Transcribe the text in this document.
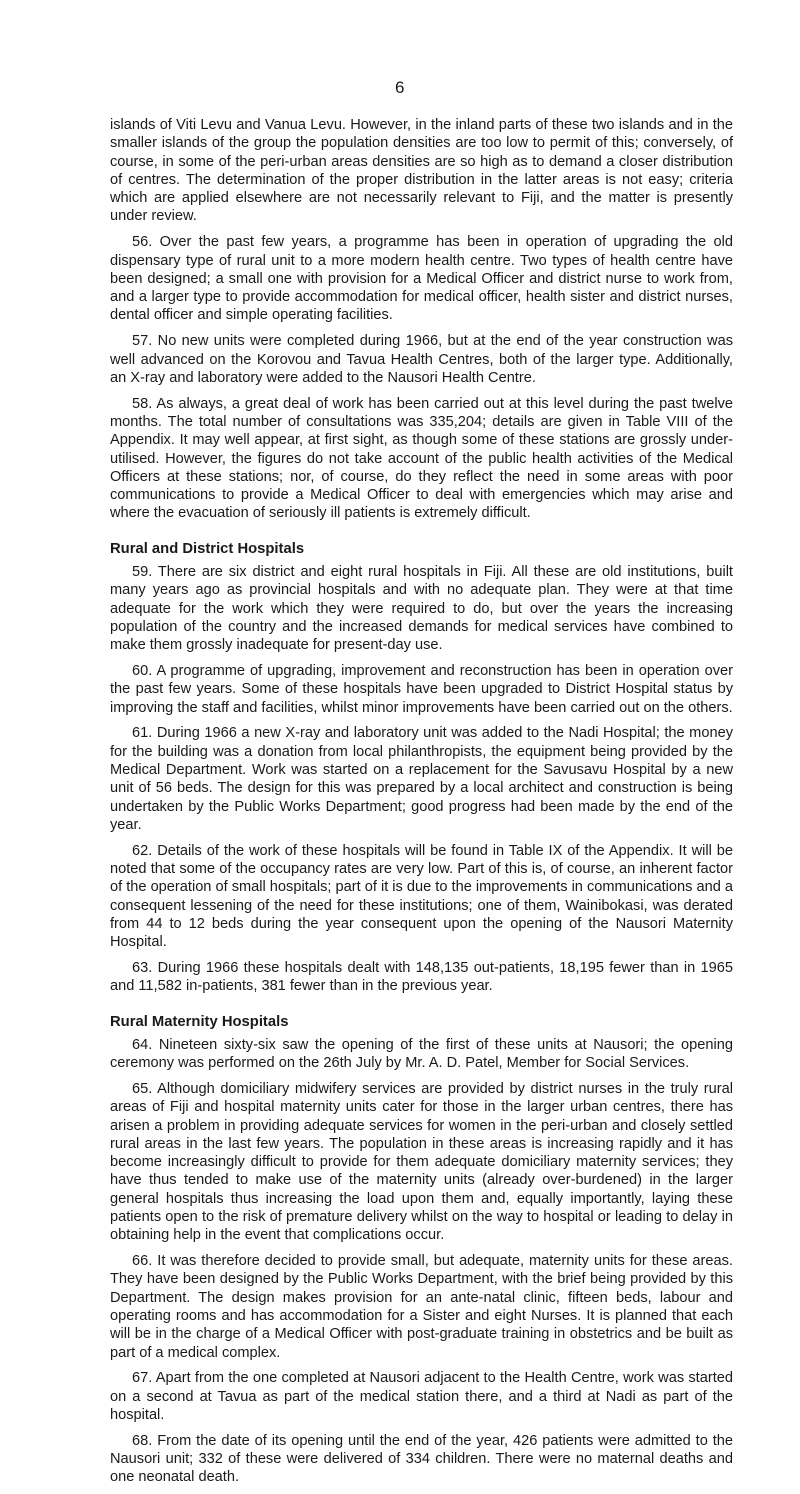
6

islands of Viti Levu and Vanua Levu. However, in the inland parts of these two islands and in the smaller islands of the group the population densities are too low to permit of this; conversely, of course, in some of the peri-urban areas densities are so high as to demand a closer distribution of centres. The determination of the proper distribution in the latter areas is not easy; criteria which are applied elsewhere are not necessarily relevant to Fiji, and the matter is presently under review.

56. Over the past few years, a programme has been in operation of upgrading the old dispensary type of rural unit to a more modern health centre. Two types of health centre have been designed; a small one with provision for a Medical Officer and district nurse to work from, and a larger type to provide accommodation for medical officer, health sister and district nurses, dental officer and simple operating facilities.

57. No new units were completed during 1966, but at the end of the year construction was well advanced on the Korovou and Tavua Health Centres, both of the larger type. Additionally, an X-ray and laboratory were added to the Nausori Health Centre.

58. As always, a great deal of work has been carried out at this level during the past twelve months. The total number of consultations was 335,204; details are given in Table VIII of the Appendix. It may well appear, at first sight, as though some of these stations are grossly under-utilised. However, the figures do not take account of the public health activities of the Medical Officers at these stations; nor, of course, do they reflect the need in some areas with poor communications to provide a Medical Officer to deal with emergencies which may arise and where the evacuation of seriously ill patients is extremely difficult.

Rural and District Hospitals

59. There are six district and eight rural hospitals in Fiji. All these are old institutions, built many years ago as provincial hospitals and with no adequate plan. They were at that time adequate for the work which they were required to do, but over the years the increasing population of the country and the increased demands for medical services have combined to make them grossly inadequate for present-day use.

60. A programme of upgrading, improvement and reconstruction has been in operation over the past few years. Some of these hospitals have been upgraded to District Hospital status by improving the staff and facilities, whilst minor improvements have been carried out on the others.

61. During 1966 a new X-ray and laboratory unit was added to the Nadi Hospital; the money for the building was a donation from local philanthropists, the equipment being provided by the Medical Department. Work was started on a replacement for the Savusavu Hospital by a new unit of 56 beds. The design for this was prepared by a local architect and construction is being undertaken by the Public Works Department; good progress had been made by the end of the year.

62. Details of the work of these hospitals will be found in Table IX of the Appendix. It will be noted that some of the occupancy rates are very low. Part of this is, of course, an inherent factor of the operation of small hospitals; part of it is due to the improvements in communications and a consequent lessening of the need for these institutions; one of them, Wainibokasi, was derated from 44 to 12 beds during the year consequent upon the opening of the Nausori Maternity Hospital.

63. During 1966 these hospitals dealt with 148,135 out-patients, 18,195 fewer than in 1965 and 11,582 in-patients, 381 fewer than in the previous year.

Rural Maternity Hospitals

64. Nineteen sixty-six saw the opening of the first of these units at Nausori; the opening ceremony was performed on the 26th July by Mr. A. D. Patel, Member for Social Services.

65. Although domiciliary midwifery services are provided by district nurses in the truly rural areas of Fiji and hospital maternity units cater for those in the larger urban centres, there has arisen a problem in providing adequate services for women in the peri-urban and closely settled rural areas in the last few years. The population in these areas is increasing rapidly and it has become increasingly difficult to provide for them adequate domiciliary maternity services; they have thus tended to make use of the maternity units (already over-burdened) in the larger general hospitals thus increasing the load upon them and, equally importantly, laying these patients open to the risk of premature delivery whilst on the way to hospital or leading to delay in obtaining help in the event that complications occur.

66. It was therefore decided to provide small, but adequate, maternity units for these areas. They have been designed by the Public Works Department, with the brief being provided by this Department. The design makes provision for an ante-natal clinic, fifteen beds, labour and operating rooms and has accommodation for a Sister and eight Nurses. It is planned that each will be in the charge of a Medical Officer with post-graduate training in obstetrics and be built as part of a medical complex.

67. Apart from the one completed at Nausori adjacent to the Health Centre, work was started on a second at Tavua as part of the medical station there, and a third at Nadi as part of the hospital.

68. From the date of its opening until the end of the year, 426 patients were admitted to the Nausori unit; 332 of these were delivered of 334 children. There were no maternal deaths and one neonatal death.
